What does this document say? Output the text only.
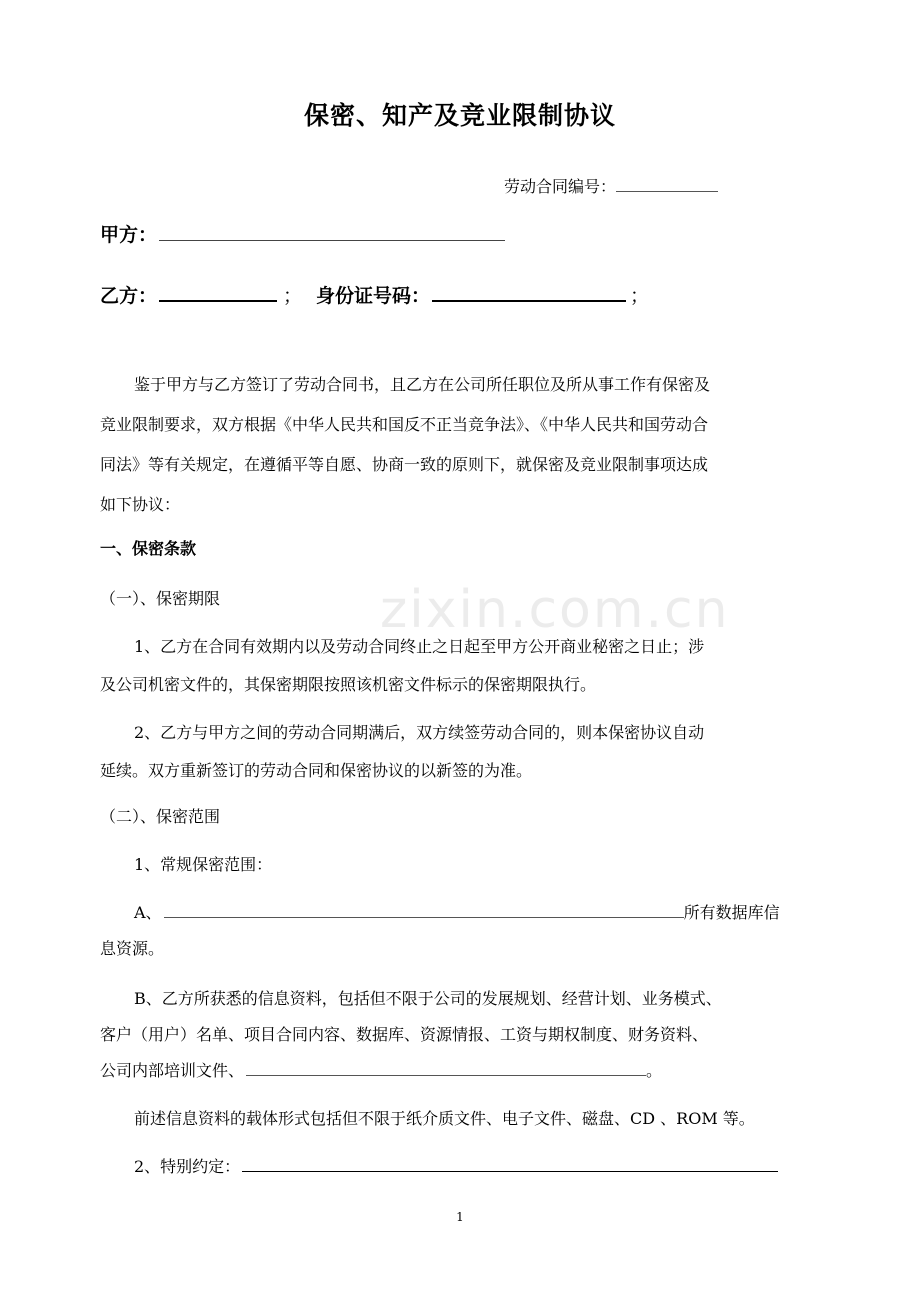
zixin.com.cn
保密、知产及竞业限制协议
劳动合同编号：
甲方：
乙方：	； 身份证号码：	；
鉴于甲方与乙方签订了劳动合同书，且乙方在公司所任职位及所从事工作有保密及
竞业限制要求，双方根据《中华人民共和国反不正当竞争法》、《中华人民共和国劳动合
同法》等有关规定，在遵循平等自愿、协商一致的原则下，就保密及竞业限制事项达成
如下协议：
一、保密条款
（一）、保密期限
1、乙方在合同有效期内以及劳动合同终止之日起至甲方公开商业秘密之日止；涉
及公司机密文件的，其保密期限按照该机密文件标示的保密期限执行。
2、乙方与甲方之间的劳动合同期满后，双方续签劳动合同的，则本保密协议自动
延续。双方重新签订的劳动合同和保密协议的以新签的为准。
（二）、保密范围
1、常规保密范围：
A、	所有数据库信
息资源。
B、乙方所获悉的信息资料，包括但不限于公司的发展规划、经营计划、业务模式、
客户（用户）名单、项目合同内容、数据库、资源情报、工资与期权制度、财务资料、
公司内部培训文件、	。
前述信息资料的载体形式包括但不限于纸介质文件、电子文件、磁盘、CD 、ROM 等。
2、特别约定：
1
